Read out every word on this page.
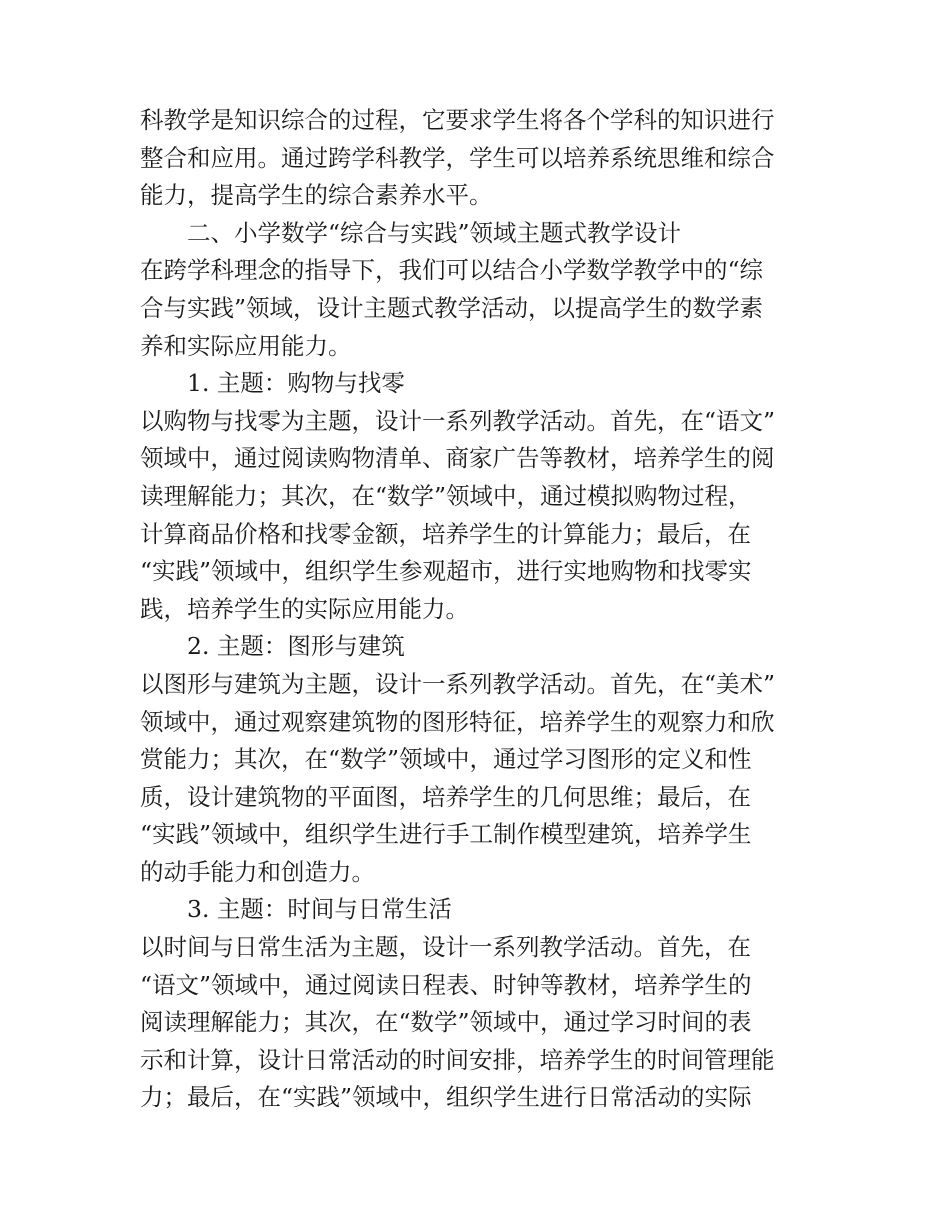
科教学是知识综合的过程，它要求学生将各个学科的知识进行
整合和应用。通过跨学科教学，学生可以培养系统思维和综合
能力，提高学生的综合素养水平。
二、小学数学“综合与实践”领域主题式教学设计
在跨学科理念的指导下，我们可以结合小学数学教学中的“综
合与实践”领域，设计主题式教学活动，以提高学生的数学素
养和实际应用能力。
1. 主题：购物与找零
以购物与找零为主题，设计一系列教学活动。首先，在“语文”
领域中，通过阅读购物清单、商家广告等教材，培养学生的阅
读理解能力；其次，在“数学”领域中，通过模拟购物过程，
计算商品价格和找零金额，培养学生的计算能力；最后，在
“实践”领域中，组织学生参观超市，进行实地购物和找零实
践，培养学生的实际应用能力。
2. 主题：图形与建筑
以图形与建筑为主题，设计一系列教学活动。首先，在“美术”
领域中，通过观察建筑物的图形特征，培养学生的观察力和欣
赏能力；其次，在“数学”领域中，通过学习图形的定义和性
质，设计建筑物的平面图，培养学生的几何思维；最后，在
“实践”领域中，组织学生进行手工制作模型建筑，培养学生
的动手能力和创造力。
3. 主题：时间与日常生活
以时间与日常生活为主题，设计一系列教学活动。首先，在
“语文”领域中，通过阅读日程表、时钟等教材，培养学生的
阅读理解能力；其次，在“数学”领域中，通过学习时间的表
示和计算，设计日常活动的时间安排，培养学生的时间管理能
力；最后，在“实践”领域中，组织学生进行日常活动的实际
